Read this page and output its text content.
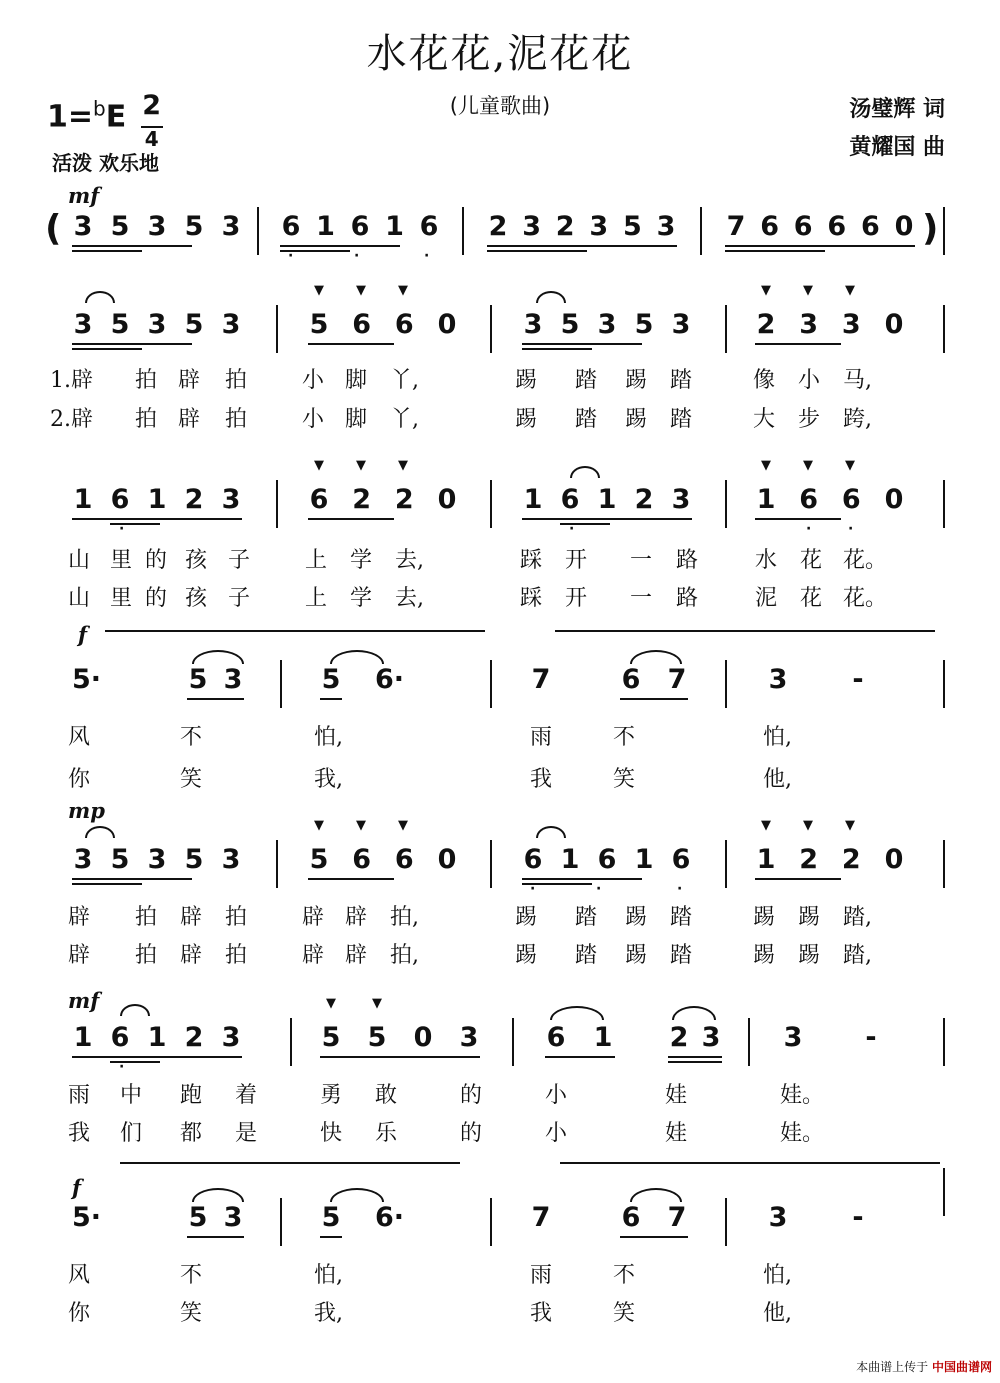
水花花,泥花花
(儿童歌曲)
$1=^bE \frac{2}{4}$
活泼 欢乐地
汤璧辉 词
黄耀国 曲
mf
( 3 5 3 5 3 6 1 6 1 6
·	·	·
2 3 2 3 5 3 7 6 6 6 6 0 )
3 5 3 5 3	5 6 6 0
▼ ▼ ▼
3 5 3 5 3 2 3 3 0
▼ ▼ ▼
1.辟 拍 辟 拍 小 脚 丫,	踢 踏 踢 踏	像 小 马,
2.辟 拍 辟 拍 小 脚 丫,	踢 踏 踢 踏	大 步 跨,
1 6 1 2 3
·
6 2 2 0
▼ ▼ ▼
1 6 1 2 3
·
1 6 6 0
▼ ▼ ▼
·	·
山 里 的 孩 子 上 学 去,	踩 开 一 路	水 花 花。
山 里 的 孩 子 上 学 去,	踩 开 一 路	泥 花 花。
f
5·	5 3	5 6·	7	6 7	3 -
风	不	怕,	雨	不	怕,
你	笑	我,	我	笑	他,
mp
3 5 3 5 3	5 6 6 0
▼ ▼ ▼
6 1 6 1 6
·	·	·
1 2 2 0
▼ ▼ ▼
辟 拍 辟 拍 辟 辟 拍,	踢 踏 踢 踏	踢 踢 踏,
辟 拍 辟 拍 辟 辟 拍,	踢 踏 踢 踏	踢 踢 踏,
mf
1 6 1 2 3
·
5 5 0 3
▼	▼
6 1 2 3 3 -
雨 中 跑 着	勇 敢	的	小	娃	娃。
我 们 都 是	快 乐	的	小	娃	娃。
f
5·	5 3	5 6·	7	6 7	3 -
风	不	怕,	雨	不	怕,
你	笑	我,	我	笑	他,
本曲谱上传于 中国曲谱网
